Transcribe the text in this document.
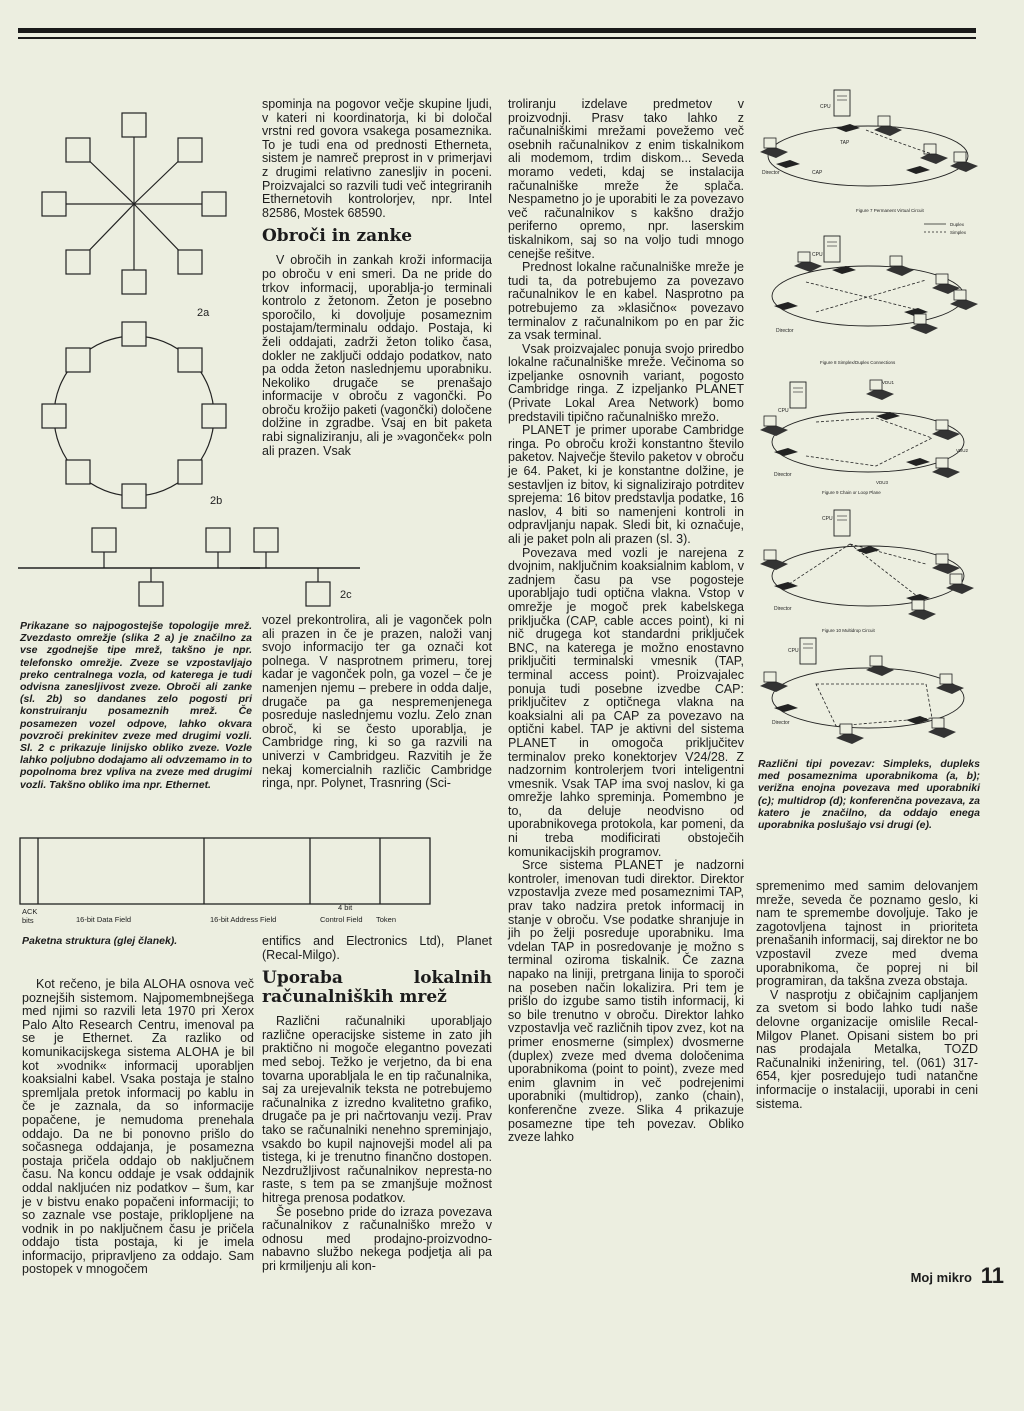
2a
2b
2c
Prikazane so najpogostejše topologije mrež. Zvezdasto omrežje (slika 2 a) je značilno za vse zgodnejše tipe mrež, takšno je npr. telefonsko omrežje. Zveze se vzpostavljajo preko centralnega vozla, od katerega je tudi odvisna zanesljivost zveze. Obroči ali zanke (sl. 2b) so dandanes zelo pogosti pri konstruiranju posameznih mrež. Če posamezen vozel odpove, lahko okvara povzroči prekinitev zveze med drugimi vozli. Sl. 2 c prikazuje linijsko obliko zveze. Vozle lahko poljubno dodajamo ali odvzemamo in to popolnoma brez vpliva na zveze med drugimi vozli. Takšno obliko ima npr. Ethernet.
ACK
bits	16-bit Data Field	16-bit Address Field
4 bit
Control Field Token
Paketna struktura (glej članek).

Kot rečeno, je bila ALOHA osnova več poznejših sistemom. Najpomembnejšega med njimi so razvili leta 1970 pri Xerox Palo Alto Research Centru, imenoval pa se je Ethernet. Za razliko od komunikacijskega sistema ALOHA je bil kot »vodnik« informacij uporabljen koaksialni kabel. Vsaka postaja je stalno spremljala pretok informacij po kablu in če je zaznala, da so informacije popačene, je nemudoma prenehala oddajo. Da ne bi ponovno prišlo do sočasnega oddajanja, je posamezna postaja pričela oddajo ob naključnem času. Na koncu oddaje je vsak oddajnik oddal nakljućen niz podatkov – šum, kar je v bistvu enako popačeni informaciji; to so zaznale vse postaje, priklopljene na vodnik in po naključnem času je pričela oddajo tista postaja, ki je imela informacijo, pripravljeno za oddajo. Sam postopek v mnogočem

spominja na pogovor večje skupine ljudi, v kateri ni koordinatorja, ki bi določal vrstni red govora vsakega posameznika. To je tudi ena od prednosti Etherneta, sistem je namreč preprost in v primerjavi z drugimi relativno zanesljiv in poceni. Proizvajalci so razvili tudi več integriranih Ethernetovih kontrolorjev, npr. Intel 82586, Mostek 68590.

Obroči in zanke

V obročih in zankah kroži informacija po obroču v eni smeri. Da ne pride do trkov informacij, uporablja-jo terminali kontrolo z žetonom. Žeton je posebno sporočilo, ki dovoljuje posameznim postajam/terminalu oddajo. Postaja, ki želi oddajati, zadrži žeton toliko časa, dokler ne zaključi oddajo podatkov, nato pa odda žeton naslednjemu uporabniku. Nekoliko drugače se prenašajo informacije v obroču z vagončki. Po obroču krožijo paketi (vagončki) določene dolžine in zgradbe. Vsaj en bit paketa rabi signaliziranju, ali je »vagonček« poln ali prazen. Vsak

vozel prekontrolira, ali je vagonček poln ali prazen in če je prazen, naloži vanj svojo informacijo ter ga označi kot polnega. V nasprotnem primeru, torej kadar je vagonček poln, ga vozel – če je namenjen njemu – prebere in odda dalje, drugače pa ga nespremenjenega posreduje naslednjemu vozlu. Zelo znan obroč, ki se često uporablja, je Cambridge ring, ki so ga razvili na univerzi v Cambridgeu. Razvitih je že nekaj komercialnih različic Cambridge ringa, npr. Polynet, Trasnring (Sci-

entifics and Electronics Ltd), Planet (Recal-Milgo).

Uporaba lokalnih računalniških mrež

Različni računalniki uporabljajo različne operacijske sisteme in zato jih praktično ni mogoče elegantno povezati med seboj. Težko je verjetno, da bi ena tovarna uporabljala le en tip računalnika, saj za urejevalnik teksta ne potrebujemo računalnika z izredno kvalitetno grafiko, drugače pa je pri načrtovanju vezij. Prav tako se računalniki nenehno spreminjajo, vsakdo bo kupil najnovejši model ali pa tistega, ki je trenutno finančno dostopen. Nezdružljivost računalnikov nepresta-no raste, s tem pa se zmanjšuje možnost hitrega prenosa podatkov.

Še posebno pride do izraza povezava računalnikov z računalniško mrežo v odnosu med prodajno-proizvodno-nabavno službo nekega podjetja ali pa pri krmiljenju ali kon-

troliranju izdelave predmetov v proizvodnji. Prasv tako lahko z računalniškimi mrežami povežemo več osebnih računalnikov z enim tiskalnikom ali modemom, trdim diskom... Seveda moramo vedeti, kdaj se instalacija računalniške mreže že splača. Nespametno jo je uporabiti le za povezavo več računalnikov s kakšno dražjo periferno opremo, npr. laserskim tiskalnikom, saj so na voljo tudi mnogo cenejše rešitve.

Prednost lokalne računalniške mreže je tudi ta, da potrebujemo za povezavo računalnikov le en kabel. Nasprotno pa potrebujemo za »klasično« povezavo terminalov z računalnikom po en par žic za vsak terminal.

Vsak proizvajalec ponuja svojo priredbo lokalne računalniške mreže. Večinoma so izpeljanke osnovnih variant, pogosto Cambridge ringa. Z izpeljanko PLANET (Private Lokal Area Network) bomo predstavili tipično računalniško mrežo.

PLANET je primer uporabe Cambridge ringa. Po obroču kroži konstantno število paketov. Največje število paketov v obroču je 64. Paket, ki je konstantne dolžine, je sestavljen iz bitov, ki signalizirajo potrditev sprejema: 16 bitov predstavlja podatke, 16 naslov, 4 biti so namenjeni kontroli in odpravljanju napak. Sledi bit, ki označuje, ali je paket poln ali prazen (sl. 3).

Povezava med vozli je narejena z dvojnim, naključnim koaksialnim kablom, v zadnjem času pa vse pogosteje uporabljajo tudi optična vlakna. Vstop v omrežje je mogoč prek kabelskega priključka (CAP, cable acces point), ki ni nič drugega kot standardni priključek BNC, na katerega je možno enostavno priključiti terminalski vmesnik (TAP, terminal access point). Proizvajalec ponuja tudi posebne izvedbe CAP: priključitev z optičnega vlakna na koaksialni ali pa CAP za povezavo na optični kabel. TAP je aktivni del sistema PLANET in omogoča priključitev terminalov preko konektorjev V24/28. Z nadzornim kontrolerjem tvori inteligentni vmesnik. Vsak TAP ima svoj naslov, ki ga omrežje lahko spreminja. Pomembno je to, da deluje neodvisno od uporabnikovega protokola, kar pomeni, da ni treba modificirati obstoječih komunikacijskih programov.

Srce sistema PLANET je nadzorni kontroler, imenovan tudi direktor. Direktor vzpostavlja zveze med posameznimi TAP, prav tako nadzira pretok informacij in stanje v obroču. Vse podatke shranjuje in jih po želji posreduje uporabniku. Ima vdelan TAP in posredovanje je možno s terminal oziroma tiskalnik. Če zazna napako na liniji, pretrgana linija to sporoči na poseben način lokalizira. Pri tem je prišlo do izgube samo tistih informacij, ki so bile trenutno v obroču. Direktor lahko vzpostavlja več različnih tipov zvez, kot na primer enosmerne (simplex) dvosmerne (duplex) zveze med dvema določenima uporabnikoma (point to point), zveze med enim glavnim in več podrejenimi uporabniki (multidrop), zanko (chain), konferenčne zveze. Slika 4 prikazuje posamezne tipe teh povezav. Obliko zveze lahko

CPU
TAP
Director	CAP
Figure 7 Permanent Virtual Circuit
Duplex
Simplex
CPU
Director
Figure 8 Simplex/Duplex Connections
VDU1
VDU2
VDU3
CPU
Director
Figure 9 Chain or Loop Plane
CPU
Director
Figure 10 Multidrop Circuit
CPU
Director
Različni tipi povezav: Simpleks, dupleks med posameznima uporabnikoma (a, b); verižna enojna povezava med uporabniki (c); multidrop (d); konferenčna povezava, za katero je značilno, da oddajo enega uporabnika poslušajo vsi drugi (e).

spremenimo med samim delovanjem mreže, seveda če poznamo geslo, ki nam te spremembe dovoljuje. Tako je zagotovljena tajnost in prioriteta prenašanih informacij, saj direktor ne bo vzpostavil zveze med dvema uporabnikoma, če poprej ni bil programiran, da takšna zveza obstaja.

V nasprotju z običajnim capljanjem za svetom si bodo lahko tudi naše delovne organizacije omislile Recal-Milgov Planet. Opisani sistem bo pri nas prodajala Metalka, TOZD Računalniki inženiring, tel. (061) 317-654, kjer posredujejo tudi natančne informacije o instalaciji, uporabi in ceni sistema.

Moj mikro 11
